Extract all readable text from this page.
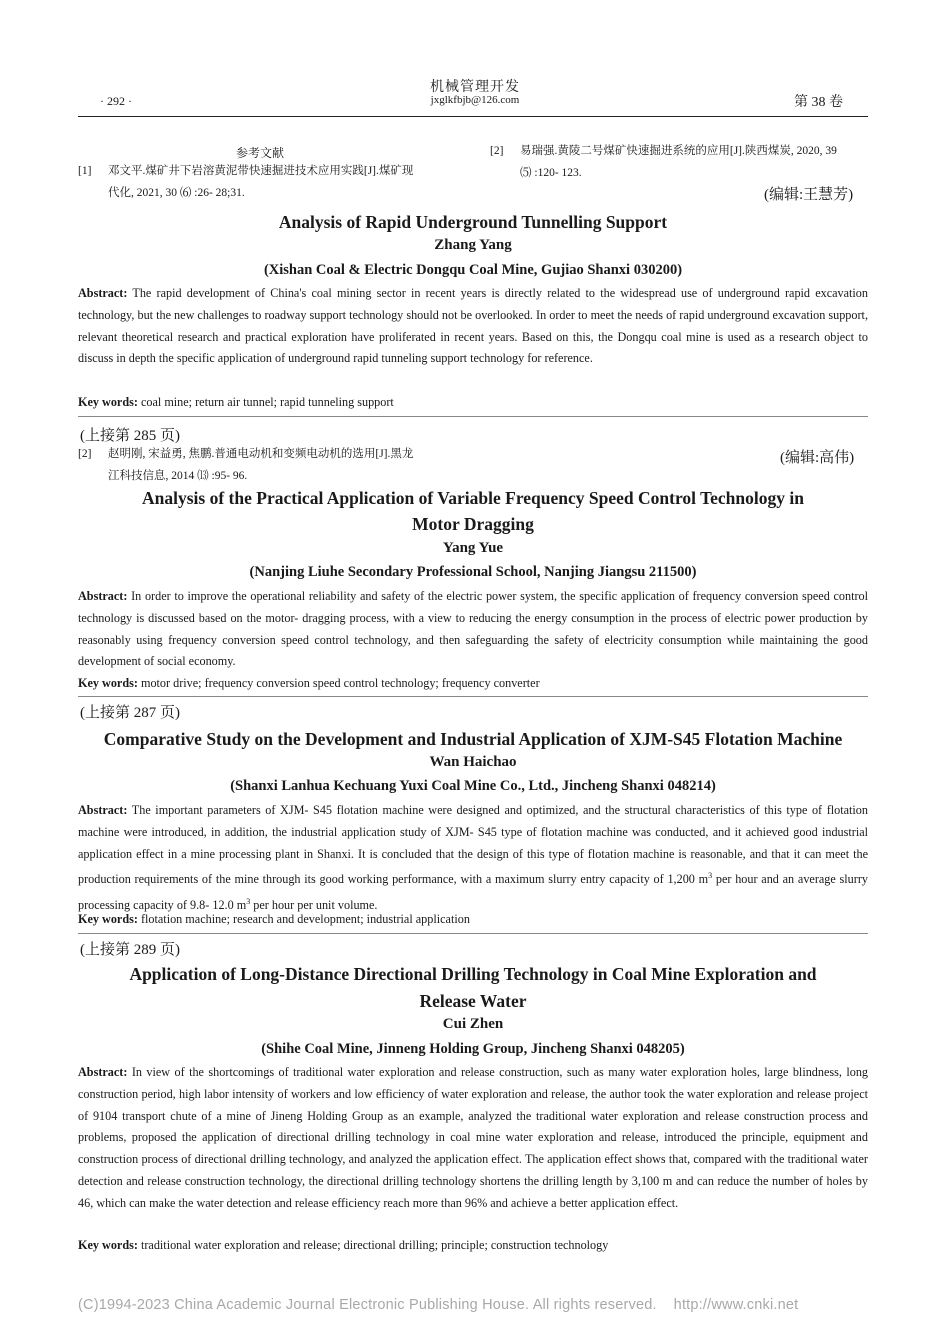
· 292 ·
机械管理开发
jxglkfbjb@126.com	第 38 卷
参考文献
[1] 邓文平.煤矿井下岩溶黄泥带快速掘进技术应用实践[J].煤矿现
代化, 2021, 30 ⑹ :26- 28;31.
[2] 易瑞强.黄陵二号煤矿快速掘进系统的应用[J].陕西煤炭, 2020, 39
⑸ :120- 123.
(编辑:王慧芳)
Analysis of Rapid Underground Tunnelling Support
Zhang Yang
(Xishan Coal & Electric Dongqu Coal Mine, Gujiao Shanxi 030200)
Abstract: The rapid development of China's coal mining sector in recent years is directly related to the widespread use of underground rapid excavation technology, but the new challenges to roadway support technology should not be overlooked. In order to meet the needs of rapid underground excavation support, relevant theoretical research and practical exploration have proliferated in recent years. Based on this, the Dongqu coal mine is used as a research object to discuss in depth the specific application of underground rapid tunneling support technology for reference.
Key words: coal mine; return air tunnel; rapid tunneling support
(上接第 285 页)
[2] 赵明刚, 宋益勇, 焦鹏.普通电动机和变频电动机的选用[J].黑龙
江科技信息, 2014 ⒀ :95- 96.
(编辑:高伟)
Analysis of the Practical Application of Variable Frequency Speed Control Technology in
Motor Dragging
Yang Yue
(Nanjing Liuhe Secondary Professional School, Nanjing Jiangsu 211500)
Abstract: In order to improve the operational reliability and safety of the electric power system, the specific application of frequency conversion speed control technology is discussed based on the motor- dragging process, with a view to reducing the energy consumption in the process of electric power production by reasonably using frequency conversion speed control technology, and then safeguarding the safety of electricity consumption while maintaining the good development of social economy.
Key words: motor drive; frequency conversion speed control technology; frequency converter
(上接第 287 页)
Comparative Study on the Development and Industrial Application of XJM-S45 Flotation Machine
Wan Haichao
(Shanxi Lanhua Kechuang Yuxi Coal Mine Co., Ltd., Jincheng Shanxi 048214)
Abstract: The important parameters of XJM- S45 flotation machine were designed and optimized, and the structural characteristics of this type of flotation machine were introduced, in addition, the industrial application study of XJM- S45 type of flotation machine was conducted, and it achieved good industrial application effect in a mine processing plant in Shanxi. It is concluded that the design of this type of flotation machine is reasonable, and that it can meet the production requirements of the mine through its good working performance, with a maximum slurry entry capacity of 1,200 $m^3$ per hour and an average slurry processing capacity of 9.8- 12.0 $m^3$ per hour per unit volume.
Key words: flotation machine; research and development; industrial application
(上接第 289 页)
Application of Long-Distance Directional Drilling Technology in Coal Mine Exploration and
Release Water
Cui Zhen
(Shihe Coal Mine, Jinneng Holding Group, Jincheng Shanxi 048205)
Abstract: In view of the shortcomings of traditional water exploration and release construction, such as many water exploration holes, large blindness, long construction period, high labor intensity of workers and low efficiency of water exploration and release, the author took the water exploration and release project of 9104 transport chute of a mine of Jineng Holding Group as an example, analyzed the traditional water exploration and release construction process and problems, proposed the application of directional drilling technology in coal mine water exploration and release, introduced the principle, equipment and construction process of directional drilling technology, and analyzed the application effect. The application effect shows that, compared with the traditional water detection and release construction technology, the directional drilling technology shortens the drilling length by 3,100 m and can reduce the number of holes by 46, which can make the water detection and release efficiency reach more than 96% and achieve a better application effect.
Key words: traditional water exploration and release; directional drilling; principle; construction technology
(C)1994-2023 China Academic Journal Electronic Publishing House. All rights reserved.    http://www.cnki.net
